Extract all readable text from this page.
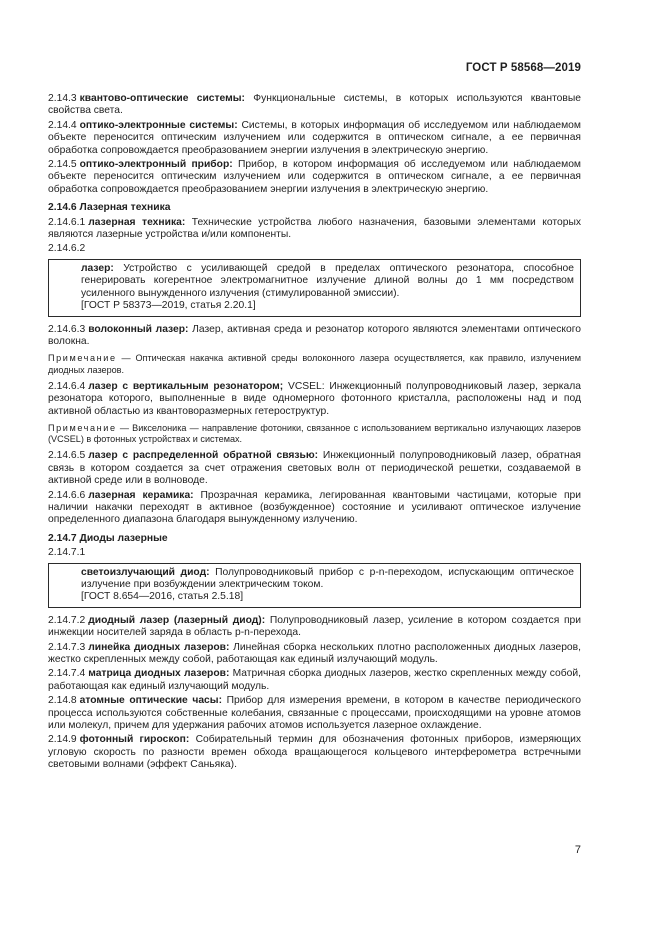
ГОСТ Р 58568—2019

2.14.3 квантово-оптические системы: Функциональные системы, в которых используются квантовые свойства света.

2.14.4 оптико-электронные системы: Системы, в которых информация об исследуемом или наблюдаемом объекте переносится оптическим излучением или содержится в оптическом сигнале, а ее первичная обработка сопровождается преобразованием энергии излучения в электрическую энергию.

2.14.5 оптико-электронный прибор: Прибор, в котором информация об исследуемом или наблюдаемом объекте переносится оптическим излучением или содержится в оптическом сигнале, а ее первичная обработка сопровождается преобразованием энергии излучения в электрическую энергию.

2.14.6 Лазерная техника

2.14.6.1 лазерная техника: Технические устройства любого назначения, базовыми элементами которых являются лазерные устройства и/или компоненты.

2.14.6.2

лазер: Устройство с усиливающей средой в пределах оптического резонатора, способное генерировать когерентное электромагнитное излучение длиной волны до 1 мм посредством усиленного вынужденного излучения (стимулированной эмиссии).
[ГОСТ Р 58373—2019, статья 2.20.1]

2.14.6.3 волоконный лазер: Лазер, активная среда и резонатор которого являются элементами оптического волокна.

Примечание — Оптическая накачка активной среды волоконного лазера осуществляется, как правило, излучением диодных лазеров.

2.14.6.4 лазер с вертикальным резонатором; VCSEL: Инжекционный полупроводниковый лазер, зеркала резонатора которого, выполненные в виде одномерного фотонного кристалла, расположены над и под активной областью из квантоворазмерных гетероструктур.

Примечание — Викселоника — направление фотоники, связанное с использованием вертикально излучающих лазеров (VCSEL) в фотонных устройствах и системах.

2.14.6.5 лазер с распределенной обратной связью: Инжекционный полупроводниковый лазер, обратная связь в котором создается за счет отражения световых волн от периодической решетки, создаваемой в активной среде или в волноводе.

2.14.6.6 лазерная керамика: Прозрачная керамика, легированная квантовыми частицами, которые при наличии накачки переходят в активное (возбужденное) состояние и усиливают оптическое излучение определенного диапазона благодаря вынужденному излучению.

2.14.7 Диоды лазерные

2.14.7.1

светоизлучающий диод: Полупроводниковый прибор с p-n-переходом, испускающим оптическое излучение при возбуждении электрическим током.
[ГОСТ 8.654—2016, статья 2.5.18]

2.14.7.2 диодный лазер (лазерный диод): Полупроводниковый лазер, усиление в котором создается при инжекции носителей заряда в область p-n-перехода.

2.14.7.3 линейка диодных лазеров: Линейная сборка нескольких плотно расположенных диодных лазеров, жестко скрепленных между собой, работающая как единый излучающий модуль.

2.14.7.4 матрица диодных лазеров: Матричная сборка диодных лазеров, жестко скрепленных между собой, работающая как единый излучающий модуль.

2.14.8 атомные оптические часы: Прибор для измерения времени, в котором в качестве периодического процесса используются собственные колебания, связанные с процессами, происходящими на уровне атомов или молекул, причем для удержания рабочих атомов используется лазерное охлаждение.

2.14.9 фотонный гироскоп: Собирательный термин для обозначения фотонных приборов, измеряющих угловую скорость по разности времен обхода вращающегося кольцевого интерферометра встречными световыми волнами (эффект Саньяка).

7
